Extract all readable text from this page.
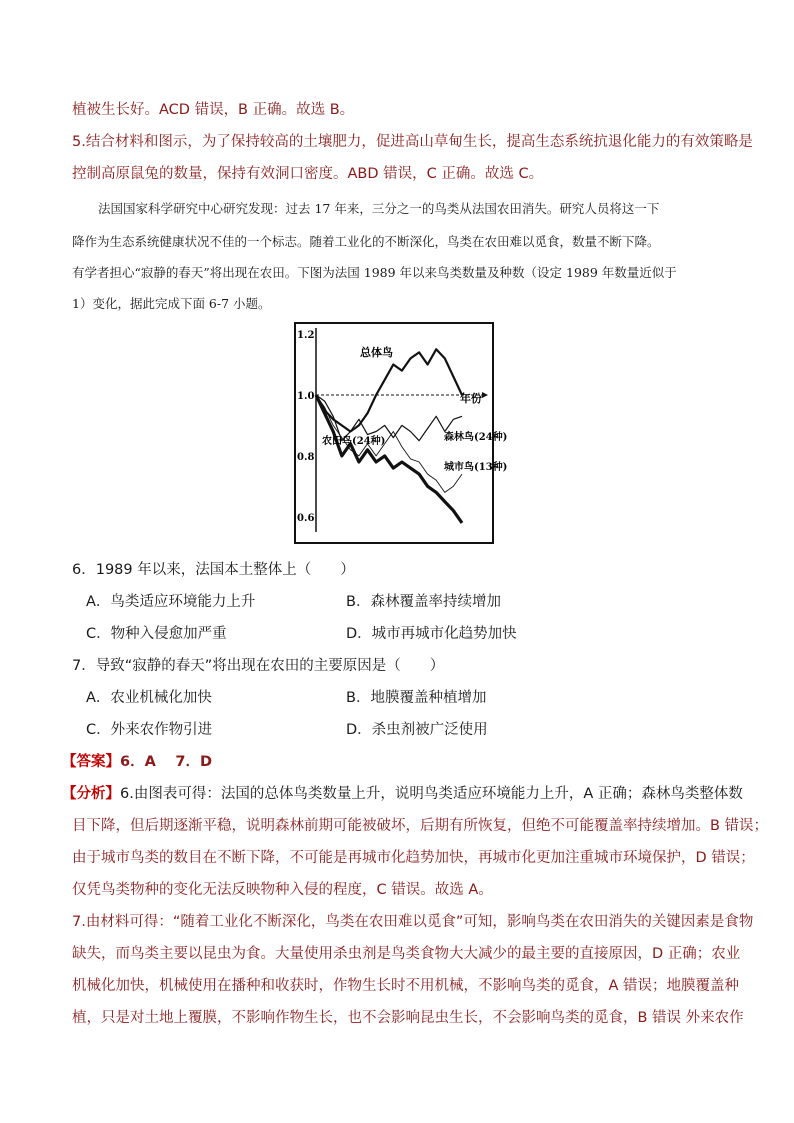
植被生长好。ACD 错误，B 正确。故选 B。
5.结合材料和图示，为了保持较高的土壤肥力，促进高山草甸生长，提高生态系统抗退化能力的有效策略是
控制高原鼠兔的数量，保持有效洞口密度。ABD 错误，C 正确。故选 C。
法国国家科学研究中心研究发现：过去 17 年来，三分之一的鸟类从法国农田消失。研究人员将这一下
降作为生态系统健康状况不佳的一个标志。随着工业化的不断深化，鸟类在农田难以觅食，数量不断下降。
有学者担心“寂静的春天”将出现在农田。下图为法国 1989 年以来鸟类数量及种数（设定 1989 年数量近似于
1）变化，据此完成下面 6-7 小题。
1.2
1.0
0.8
0.6
年份
总体鸟
森林鸟(24种)
城市鸟(13种)
农田鸟(24种)
6．1989 年以来，法国本土整体上（　　）
A．鸟类适应环境能力上升	B．森林覆盖率持续增加
C．物种入侵愈加严重	D．城市再城市化趋势加快
7．导致“寂静的春天”将出现在农田的主要原因是（　　）
A．农业机械化加快	B．地膜覆盖种植增加
C．外来农作物引进	D．杀虫剂被广泛使用
【答案】6．A　 7．D
【分析】6.由图表可得：法国的总体鸟类数量上升，说明鸟类适应环境能力上升，A 正确；森林鸟类整体数
目下降，但后期逐渐平稳，说明森林前期可能被破坏，后期有所恢复，但绝不可能覆盖率持续增加。B 错误；
由于城市鸟类的数目在不断下降，不可能是再城市化趋势加快，再城市化更加注重城市环境保护，D 错误；
仅凭鸟类物种的变化无法反映物种入侵的程度，C 错误。故选 A。
7.由材料可得：“随着工业化不断深化，鸟类在农田难以觅食”可知，影响鸟类在农田消失的关键因素是食物
缺失，而鸟类主要以昆虫为食。大量使用杀虫剂是鸟类食物大大减少的最主要的直接原因，D 正确；农业
机械化加快，机械使用在播种和收获时，作物生长时不用机械，不影响鸟类的觅食，A 错误；地膜覆盖种
植，只是对土地上覆膜，不影响作物生长，也不会影响昆虫生长，不会影响鸟类的觅食，B 错误 外来农作
